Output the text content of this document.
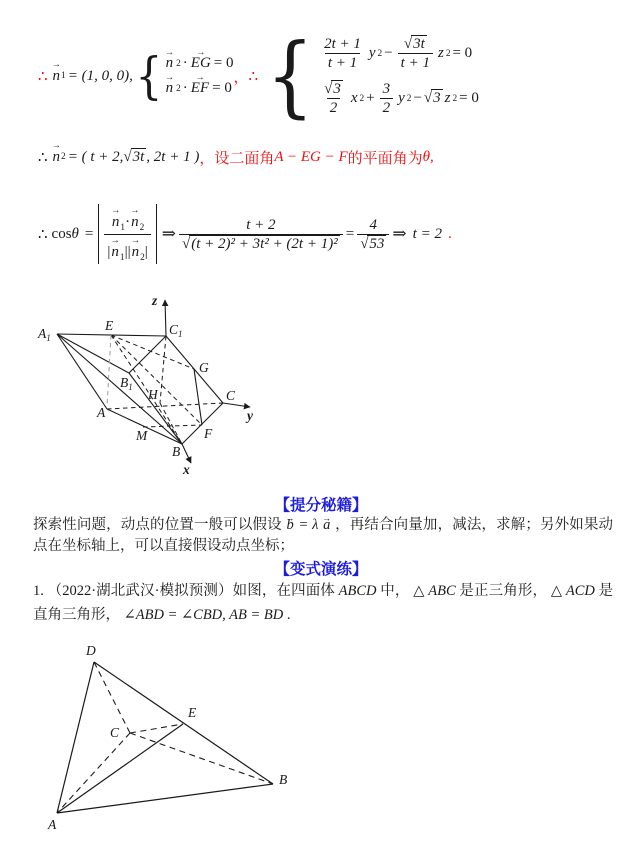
∴ n → 1 = (1, 0, 0), { n → 2 · EG → = 0
n → 2 · EF → = 0
， ∴ { $\frac{2t + 1}{t + 1}$ y $2 - \frac{√3t}{t + 1}$ z 2 = 0
$\frac{√3}{2}$ x $2 + \frac{3}{2}$ y 2 − √3 z 2 = 0
∴ n → 2 = ( t + 2, √3t , 2t + 1 ) ， 设二面角 A − EG − F 的平面角为 θ ,
∴ $\cos \theta = \frac{n \to_1\cdot n \to_2}{|n \to_1||n \to_2|}$ ⇒ $\frac{t + 2}{\text{√(t + 2)² + 3t² + (2t + 1)²}} = \frac{4}{√53}$ ⇒ t = 2 .
$A_1$
E	$C_1$
$B_1$
G
H
A
M
C
F
B
z
y
x
【提分秘籍】
探索性问题，动点的位置一般可以假设 b → = λ a → ，再结合向量加，减法，求解；另外如果动点在坐标轴上，可以直接假设动点坐标；
【变式演练】
1. （2022·湖北武汉·模拟预测）如图，在四面体 ABCD 中， △ ABC 是正三角形， △ ACD 是直角三角形， ∠ABD = ∠CBD, AB = BD .
D
E
C
B
A
